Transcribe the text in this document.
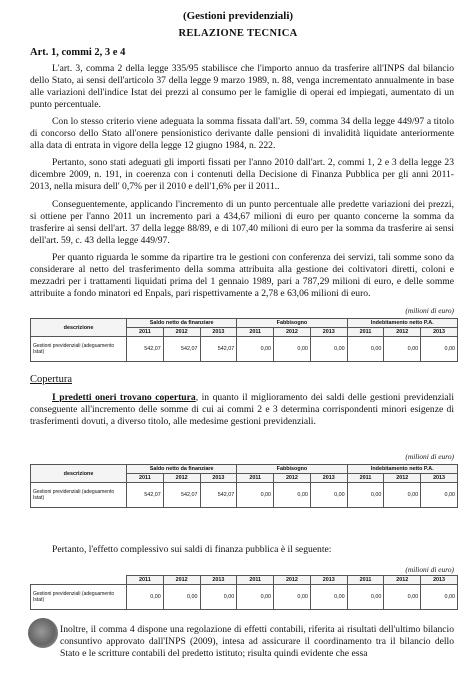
(Gestioni previdenziali)
RELAZIONE TECNICA
Art. 1, commi 2, 3 e 4

L'art. 3, comma 2 della legge 335/95 stabilisce che l'importo annuo da trasferire all'INPS dal bilancio dello Stato, ai sensi dell'articolo 37 della legge 9 marzo 1989, n. 88, venga incrementato annualmente in base alle variazioni dell'indice Istat dei prezzi al consumo per le famiglie di operai ed impiegati, aumentato di un punto percentuale.

Con lo stesso criterio viene adeguata la somma fissata dall'art. 59, comma 34 della legge 449/97 a titolo di concorso dello Stato all'onere pensionistico derivante dalle pensioni di invalidità liquidate anteriormente alla data di entrata in vigore della legge 12 giugno 1984, n. 222.

Pertanto, sono stati adeguati gli importi fissati per l'anno 2010 dall'art. 2, commi 1, 2 e 3 della legge 23 dicembre 2009, n. 191, in coerenza con i contenuti della Decisione di Finanza Pubblica per gli anni 2011-2013, nella misura dell' 0,7% per il 2010 e dell'1,6% per il 2011..

Conseguentemente, applicando l'incremento di un punto percentuale alle predette variazioni dei prezzi, si ottiene per l'anno 2011 un incremento pari a 434,67 milioni di euro per quanto concerne la somma da trasferire ai sensi dell'art. 37 della legge 88/89, e di 107,40 milioni di euro per la somma da trasferire ai sensi dell'art. 59, c. 43 della legge 449/97.

Per quanto riguarda le somme da ripartire tra le gestioni con conferenza dei servizi, tali somme sono da considerare al netto del trasferimento della somma attribuita alla gestione dei coltivatori diretti, coloni e mezzadri per i trattamenti liquidati prima del 1 gennaio 1989, pari a 787,29 milioni di euro, e delle somme attribuite a fondo minatori ed Enpals, pari rispettivamente a 2,78 e 63,06 milioni di euro.

(milioni di euro)
descrizione	Saldo netto da finanziare			Fabbisogno			Indebitamento netto P.A.		
	2011	2012	2013	2011	2012	2013	2011	2012	2013
Gestioni previdenziali (adeguamento Istat)	542,07	542,07	542,07	0,00	0,00	0,00	0,00	0,00	0,00
Copertura

I predetti oneri trovano copertura, in quanto il miglioramento dei saldi delle gestioni previdenziali conseguente all'incremento delle somme di cui ai commi 2 e 3 determina corrispondenti minori esigenze di trasferimenti dovuti, a diverso titolo, alle medesime gestioni previdenziali.

(milioni di euro)
descrizione	Saldo netto da finanziare			Fabbisogno			Indebitamento netto P.A.		
	2011	2012	2013	2011	2012	2013	2011	2012	2013
Gestioni previdenziali (adeguamento Istat)	542,07	542,07	542,07	0,00	0,00	0,00	0,00	0,00	0,00

Pertanto, l'effetto complessivo sui saldi di finanza pubblica è il seguente:

(milioni di euro)
	2011	2012	2013	2011	2012	2013	2011	2012	2013
Gestioni previdenziali (adeguamento Istat)	0,00	0,00	0,00	0,00	0,00	0,00	0,00	0,00	0,00

Inoltre, il comma 4 dispone una regolazione di effetti contabili, riferita ai risultati dell'ultimo bilancio consuntivo approvato dall'INPS (2009), intesa ad assicurare il coordinamento tra il bilancio dello Stato e le scritture contabili del predetto istituto; risulta quindi evidente che essa
